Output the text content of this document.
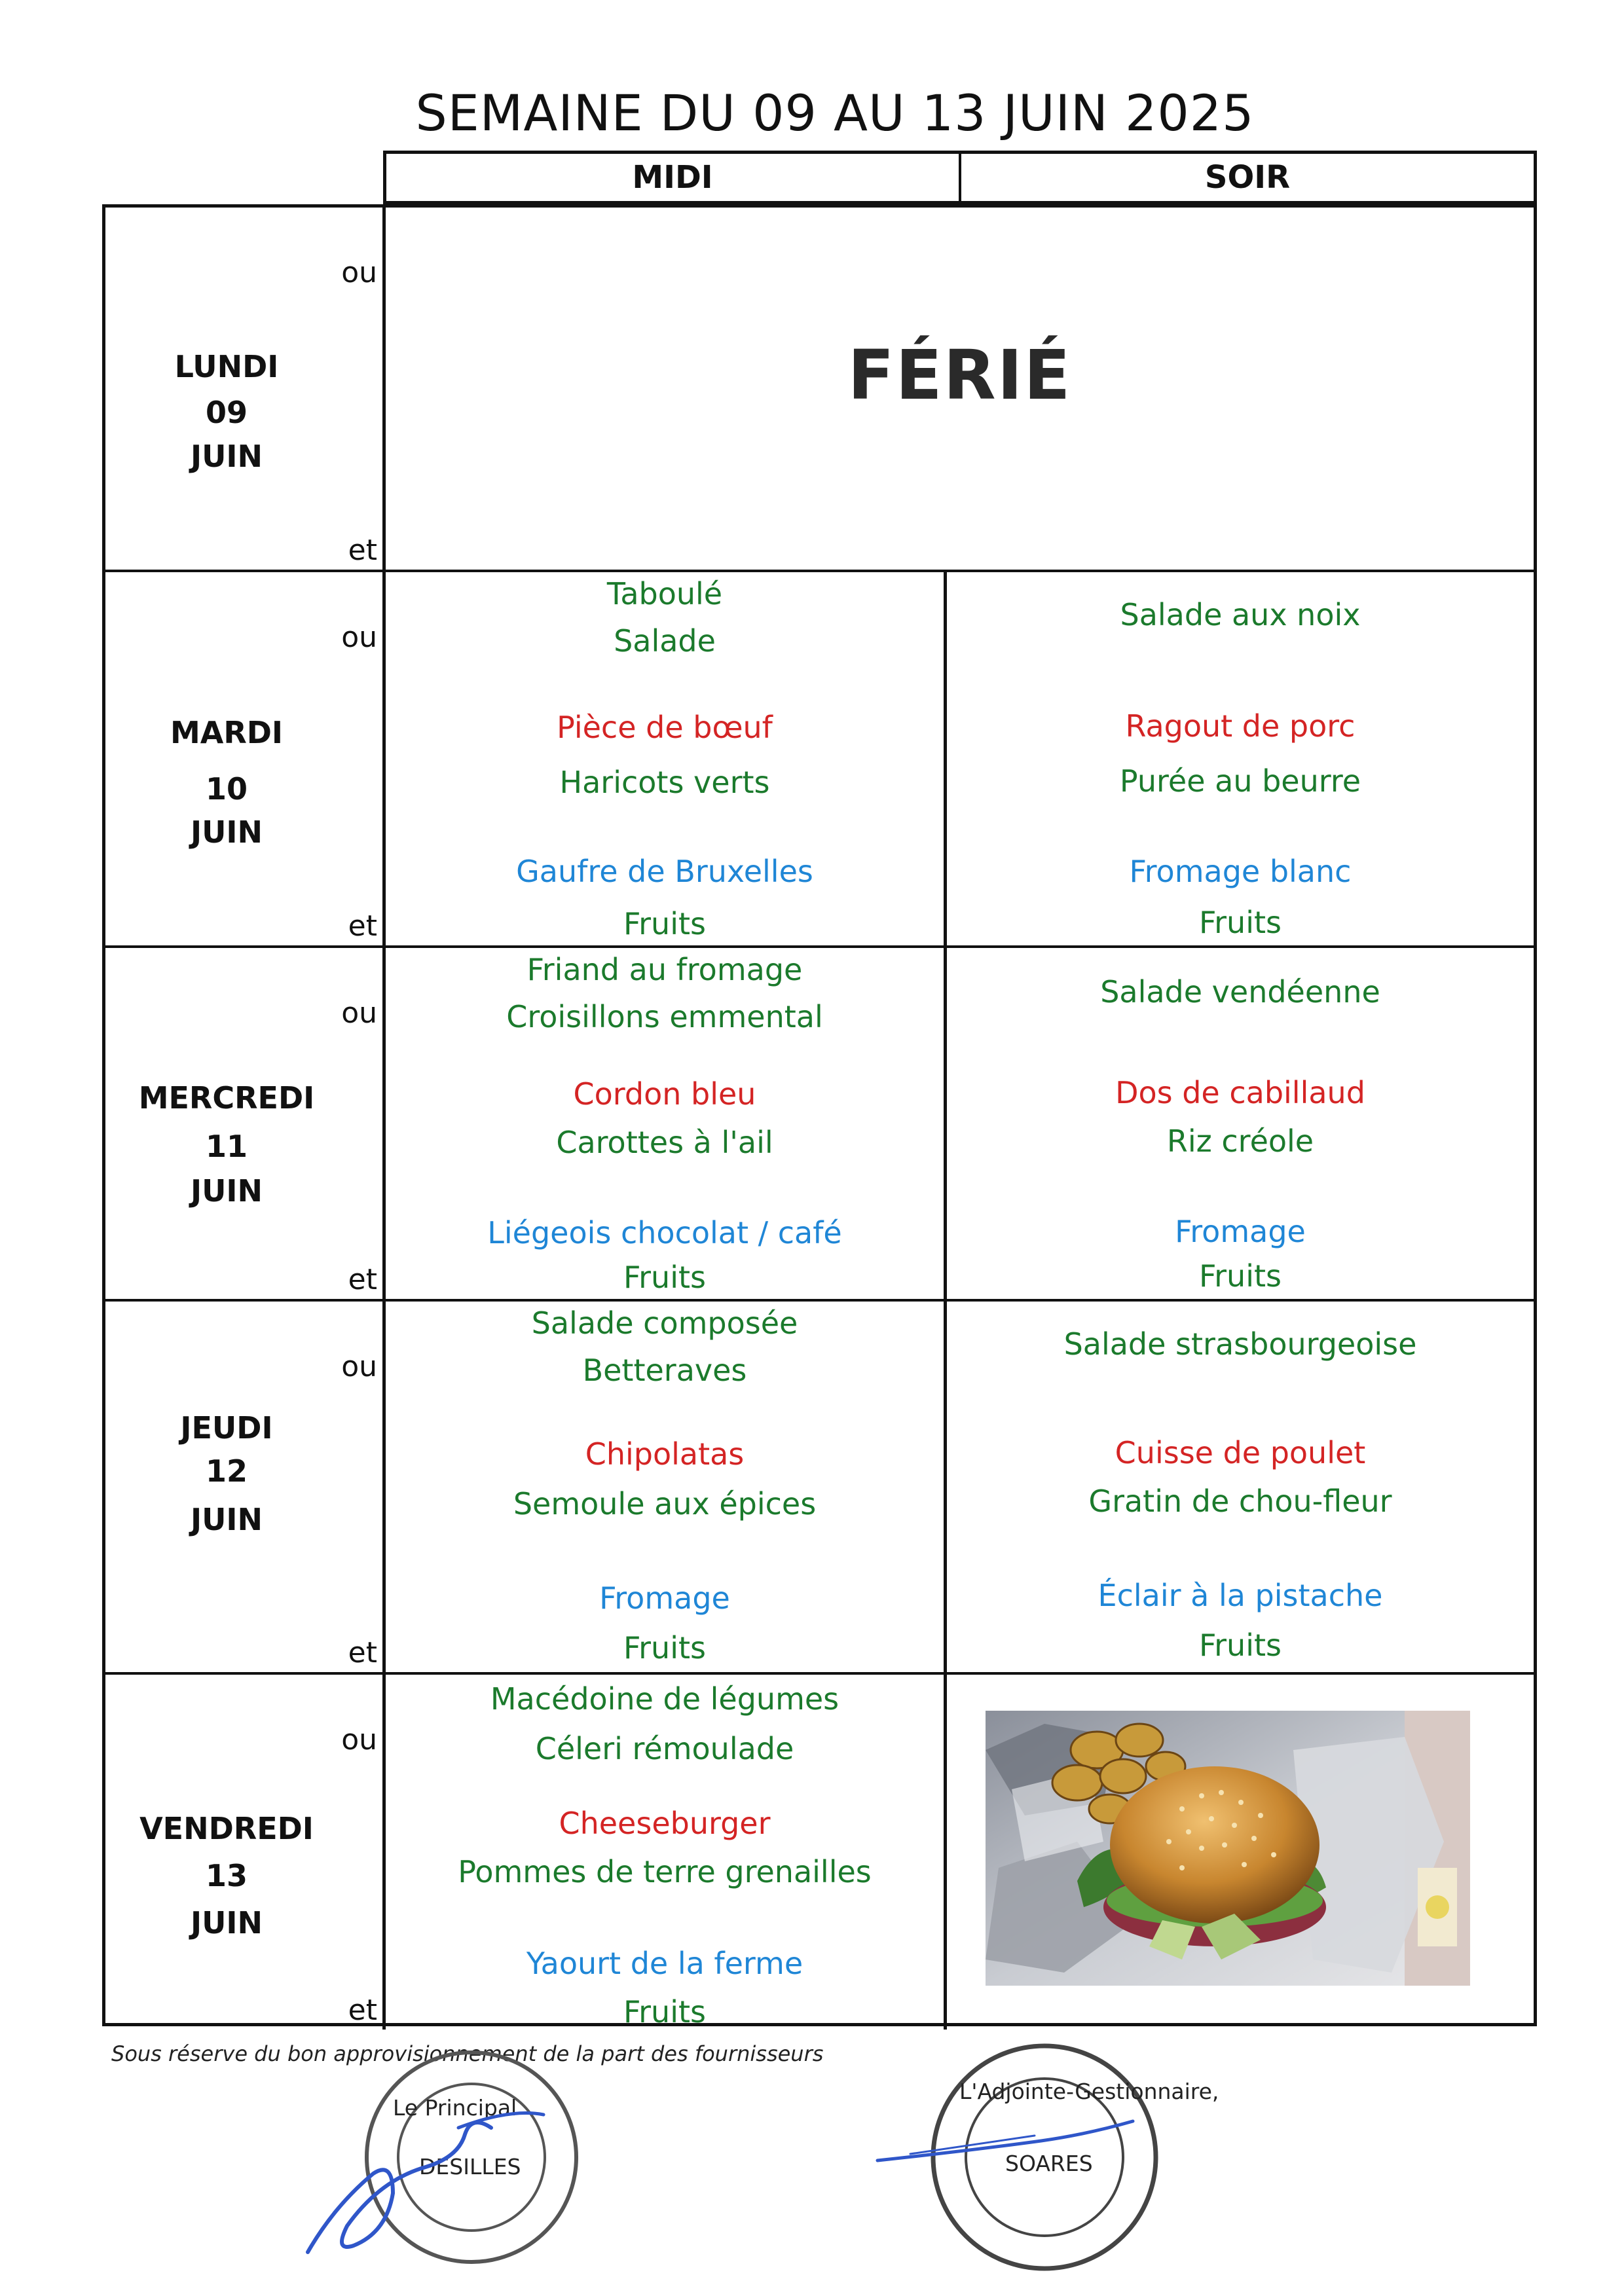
SEMAINE DU 09 AU 13 JUIN 2025
MIDI	SOIR
ou
LUNDI
09
JUIN
et
FÉRIÉ
ou
MARDI
10
JUIN
et
Taboulé
Salade
Pièce de bœuf
Haricots verts
Gaufre de Bruxelles
Fruits
Salade aux noix
Ragout de porc
Purée au beurre
Fromage blanc
Fruits
ou
MERCREDI
11
JUIN
et
Friand au fromage
Croisillons emmental
Cordon bleu
Carottes à l'ail
Liégeois chocolat / café
Fruits
Salade vendéenne
Dos de cabillaud
Riz créole
Fromage
Fruits
ou
JEUDI
12
JUIN
et
Salade composée
Betteraves
Chipolatas
Semoule aux épices
Fromage
Fruits
Salade strasbourgeoise
Cuisse de poulet
Gratin de chou-fleur
Éclair à la pistache
Fruits
ou
VENDREDI
13
JUIN
et
Macédoine de légumes
Céleri rémoulade
Cheeseburger
Pommes de terre grenailles
Yaourt de la ferme
Fruits
Sous réserve du bon approvisionnement de la part des fournisseurs
Le Principal
DESILLES
L'Adjointe-Gestionnaire,
SOARES
